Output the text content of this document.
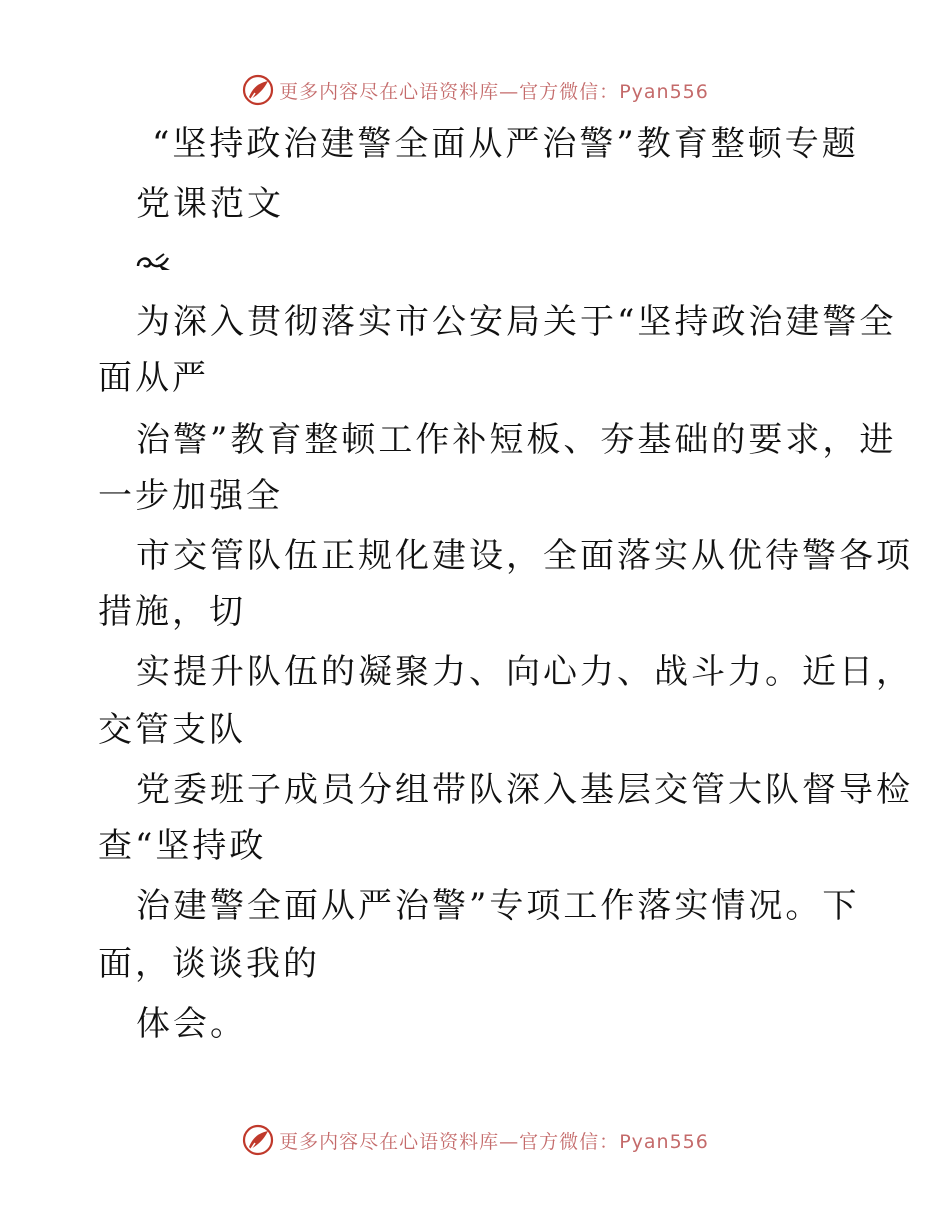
更多内容尽在心语资料库—官方微信：Pyan556
“坚持政治建警全面从严治警”教育整顿专题
党课范文
为深入贯彻落实市公安局关于“坚持政治建警全
面从严
治警”教育整顿工作补短板、夯基础的要求，进
一步加强全
市交管队伍正规化建设，全面落实从优待警各项
措施，切
实提升队伍的凝聚力、向心力、战斗力。近日，
交管支队
党委班子成员分组带队深入基层交管大队督导检
查“坚持政
治建警全面从严治警”专项工作落实情况。下
面，谈谈我的
体会。
更多内容尽在心语资料库—官方微信：Pyan556
